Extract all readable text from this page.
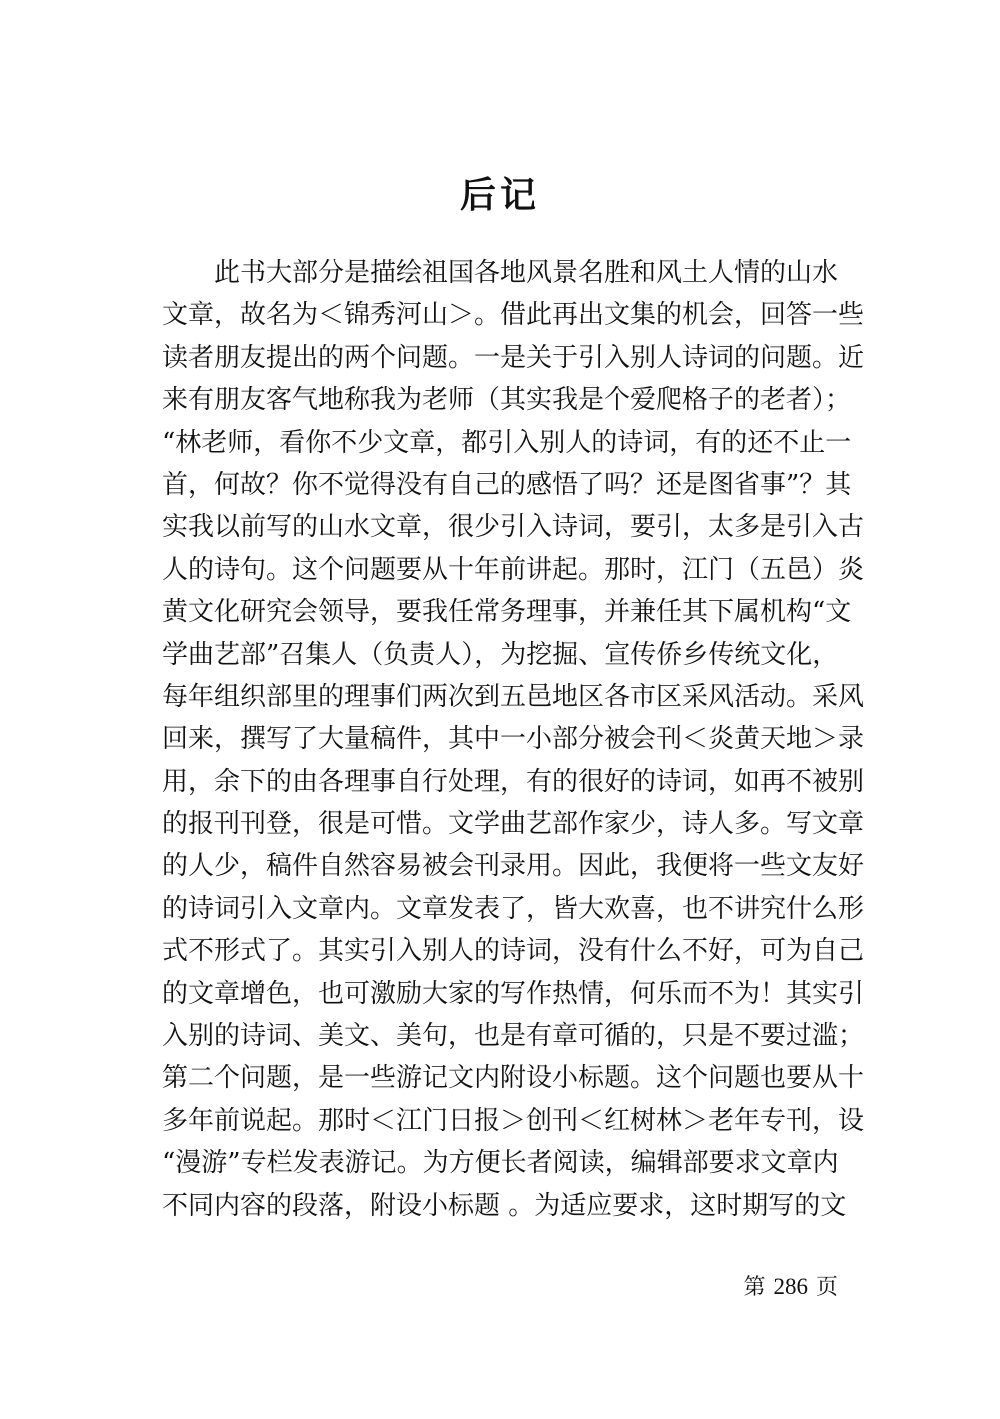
后记
此书大部分是描绘祖国各地风景名胜和风土人情的山水
文章，故名为＜锦秀河山＞。借此再出文集的机会，回答一些
读者朋友提出的两个问题。一是关于引入别人诗词的问题。近
来有朋友客气地称我为老师（其实我是个爱爬格子的老者）；
“林老师，看你不少文章，都引入别人的诗词，有的还不止一
首，何故？你不觉得没有自己的感悟了吗？还是图省事”？其
实我以前写的山水文章，很少引入诗词，要引，太多是引入古
人的诗句。这个问题要从十年前讲起。那时，江门（五邑）炎
黄文化研究会领导，要我任常务理事，并兼任其下属机构“文
学曲艺部”召集人（负责人），为挖掘、宣传侨乡传统文化，
每年组织部里的理事们两次到五邑地区各市区采风活动。采风
回来，撰写了大量稿件，其中一小部分被会刊＜炎黄天地＞录
用，余下的由各理事自行处理，有的很好的诗词，如再不被别
的报刊刊登，很是可惜。文学曲艺部作家少，诗人多。写文章
的人少，稿件自然容易被会刊录用。因此，我便将一些文友好
的诗词引入文章内。文章发表了，皆大欢喜，也不讲究什么形
式不形式了。其实引入别人的诗词，没有什么不好，可为自己
的文章增色，也可激励大家的写作热情，何乐而不为！其实引
入别的诗词、美文、美句，也是有章可循的，只是不要过滥；
第二个问题，是一些游记文内附设小标题。这个问题也要从十
多年前说起。那时＜江门日报＞创刊＜红树林＞老年专刊，设
“漫游”专栏发表游记。为方便长者阅读，编辑部要求文章内
不同内容的段落，附设小标题 。为适应要求，这时期写的文
第 286 页
